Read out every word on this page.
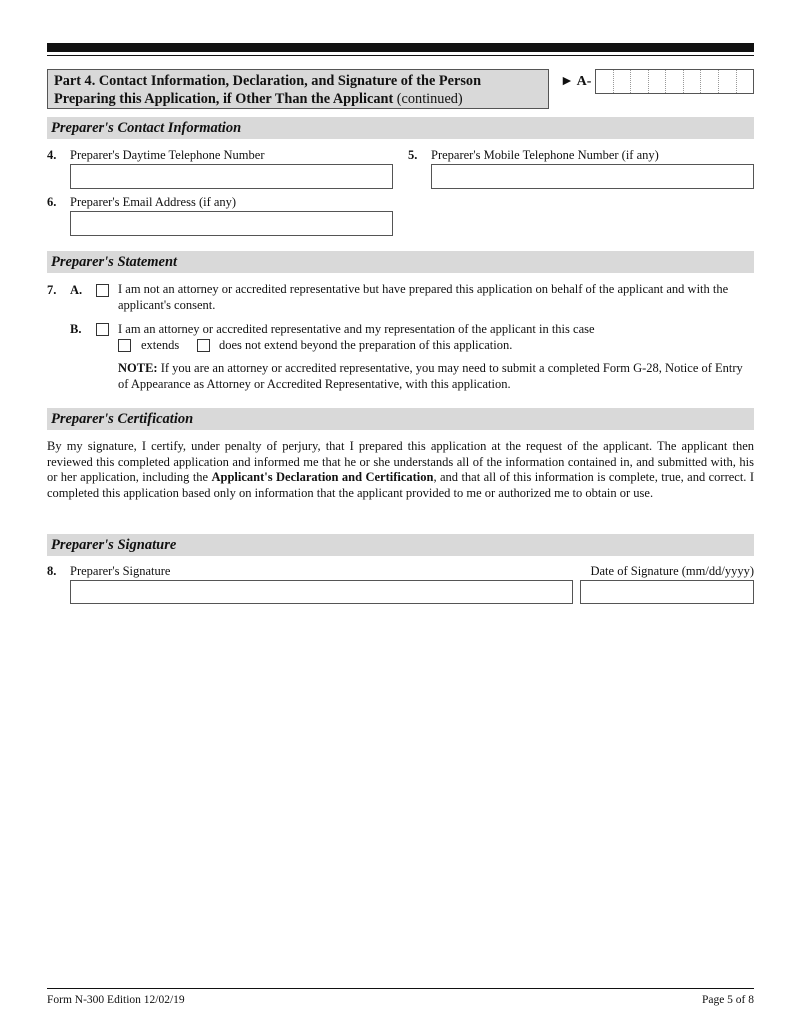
Part 4. Contact Information, Declaration, and Signature of the Person Preparing this Application, if Other Than the Applicant (continued)
► A-
Preparer's Contact Information
4. Preparer's Daytime Telephone Number	5. Preparer's Mobile Telephone Number (if any)
6. Preparer's Email Address (if any)
Preparer's Statement
7. A.	I am not an attorney or accredited representative but have prepared this application on behalf of the applicant and with the applicant's consent.
B.	I am an attorney or accredited representative and my representation of the applicant in this case
extends	does not extend beyond the preparation of this application.
NOTE: If you are an attorney or accredited representative, you may need to submit a completed Form G-28, Notice of Entry of Appearance as Attorney or Accredited Representative, with this application.
Preparer's Certification
By my signature, I certify, under penalty of perjury, that I prepared this application at the request of the applicant. The applicant then reviewed this completed application and informed me that he or she understands all of the information contained in, and submitted with, his or her application, including the Applicant's Declaration and Certification, and that all of this information is complete, true, and correct. I completed this application based only on information that the applicant provided to me or authorized me to obtain or use.
Preparer's Signature
8. Preparer's Signature	Date of Signature (mm/dd/yyyy)
Form N-300 Edition 12/02/19	Page 5 of 8
